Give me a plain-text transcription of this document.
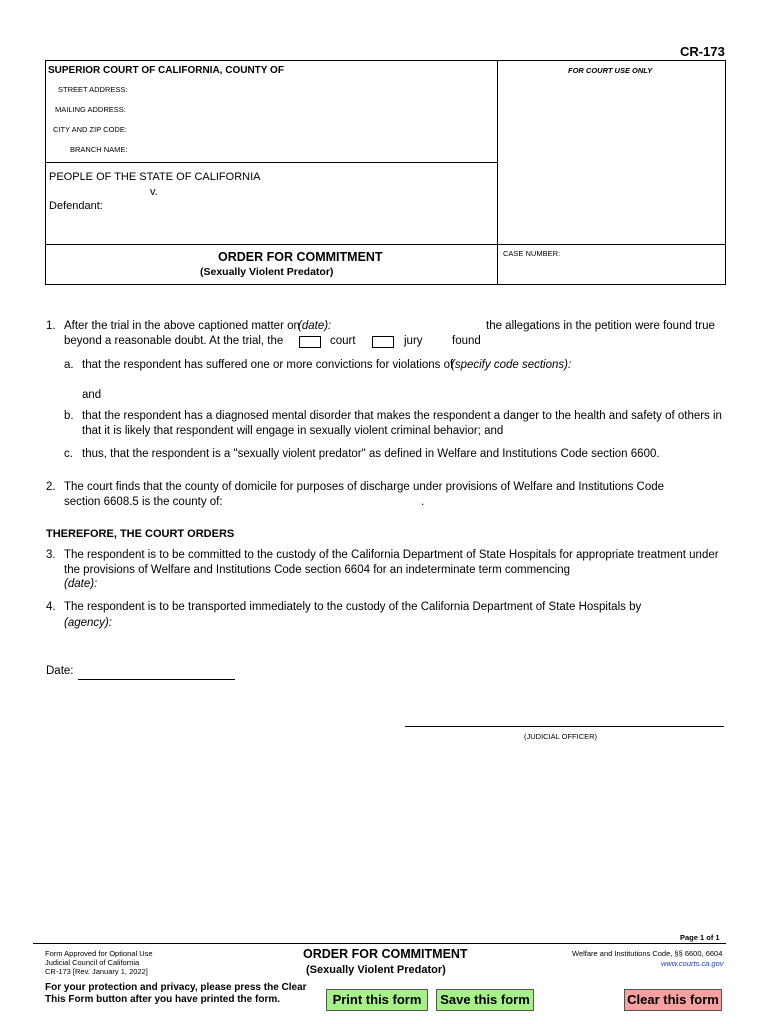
CR-173
SUPERIOR COURT OF CALIFORNIA, COUNTY OF	FOR COURT USE ONLY
STREET ADDRESS:
MAILING ADDRESS:
CITY AND ZIP CODE:
BRANCH NAME:
PEOPLE OF THE STATE OF CALIFORNIA
v.
Defendant:
ORDER FOR COMMITMENT
(Sexually Violent Predator)
CASE NUMBER:
1. After the trial in the above captioned matter on
(date):	the allegations in the petition were found true
beyond a reasonable doubt. At the trial, the	court	jury	found
a. that the respondent has suffered one or more convictions for violations of
(specify code sections):
and
b. that the respondent has a diagnosed mental disorder that makes the respondent a danger to the health and safety of others in
that it is likely that respondent will engage in sexually violent criminal behavior; and
c. thus, that the respondent is a "sexually violent predator" as defined in Welfare and Institutions Code section 6600.
2. The court finds that the county of domicile for purposes of discharge under provisions of Welfare and Institutions Code
section 6608.5 is the county of:	.
THEREFORE, THE COURT ORDERS
3. The respondent is to be committed to the custody of the California Department of State Hospitals for appropriate treatment under
the provisions of Welfare and Institutions Code section 6604 for an indeterminate term commencing
(date):
4. The respondent is to be transported immediately to the custody of the California Department of State Hospitals by
(agency):
Date:
(JUDICIAL OFFICER)
Page 1 of 1
Form Approved for Optional Use
Judicial Council of California
CR-173 [Rev. January 1, 2022]
ORDER FOR COMMITMENT
(Sexually Violent Predator)
Welfare and Institutions Code, §§ 6600, 6604
www.courts.ca.gov
For your protection and privacy, please press the Clear
This Form button after you have printed the form.	Print this form	Save this form	Clear this form
